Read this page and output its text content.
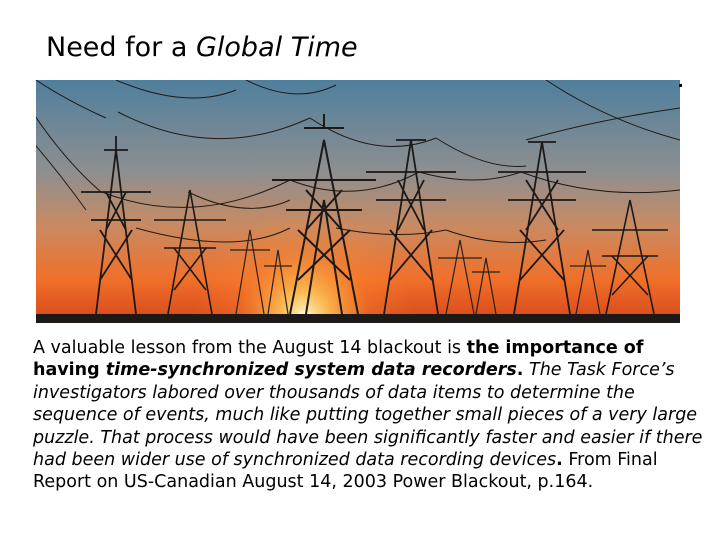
Need for a Global Time
A valuable lesson from the August 14 blackout is the importance of having time-synchronized system data recorders. The Task Force’s investigators labored over thousands of data items to determine the sequence of events, much like putting together small pieces of a very large puzzle. That process would have been significantly faster and easier if there had been wider use of synchronized data recording devices. From Final Report on US-Canadian August 14, 2003 Power Blackout, p.164.
